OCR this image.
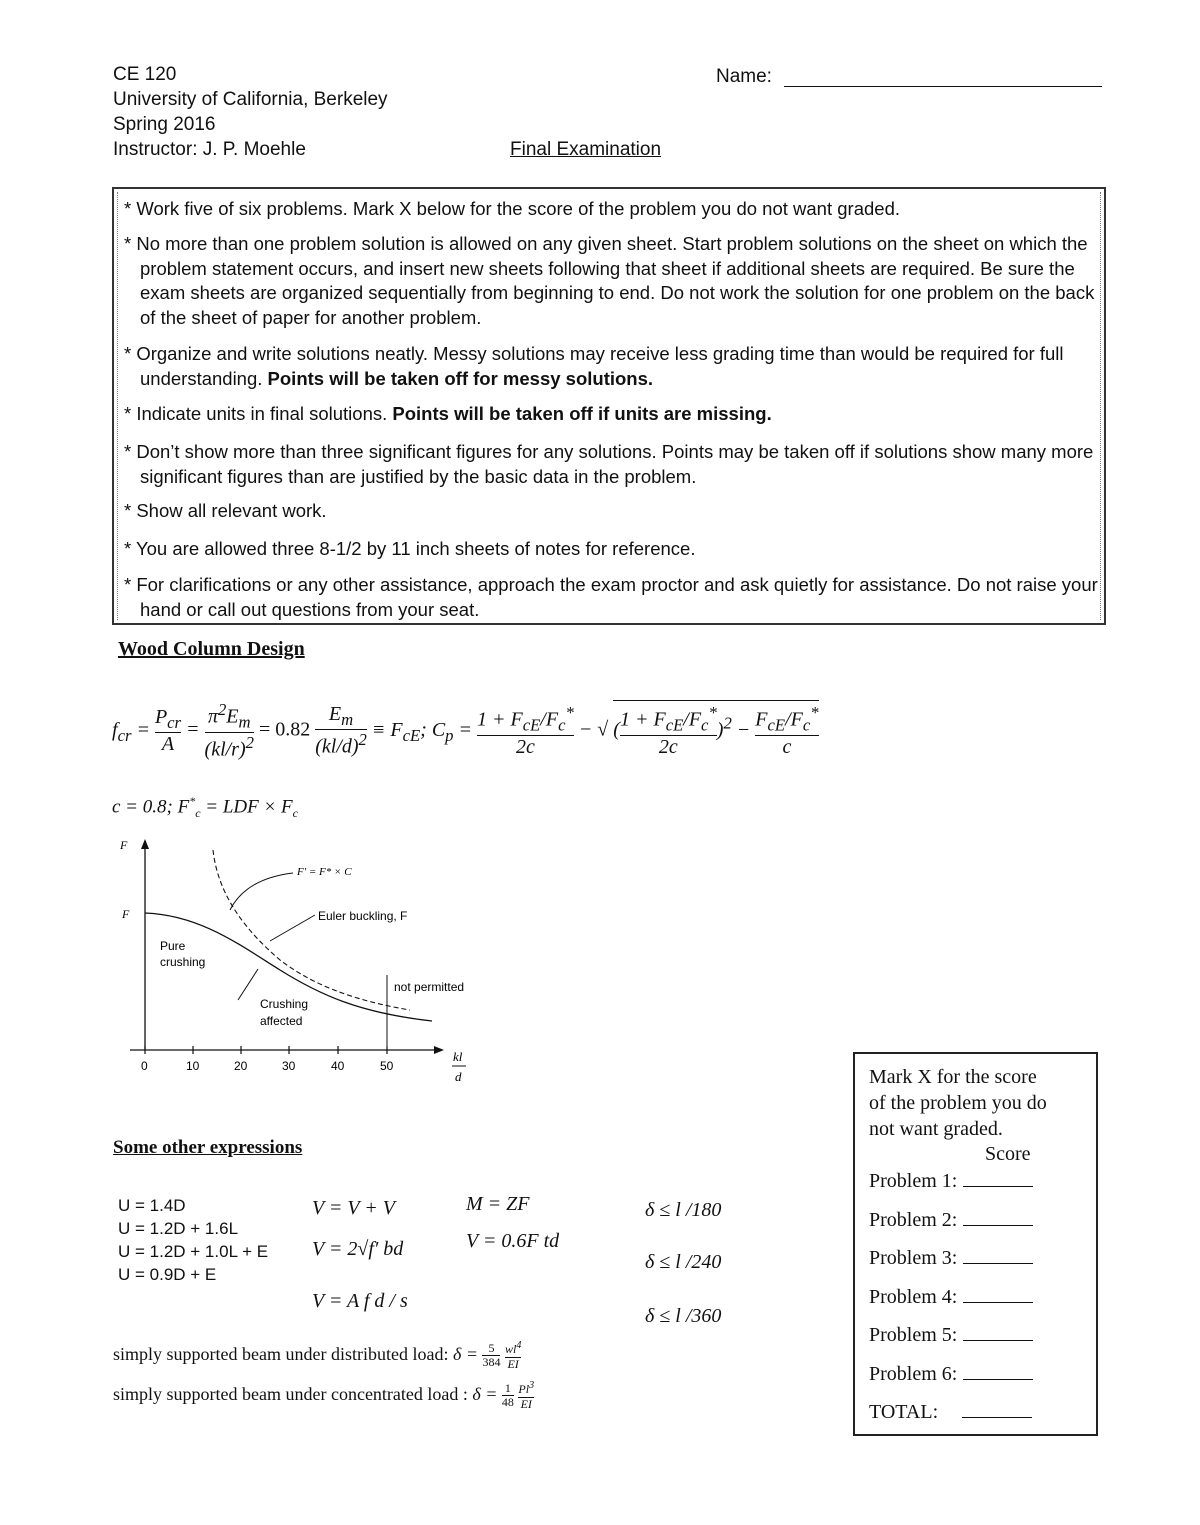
CE 120
University of California, Berkeley
Spring 2016
Instructor: J. P. Moehle	Final Examination
Name:
* Work five of six problems. Mark X below for the score of the problem you do not want graded.
* No more than one problem solution is allowed on any given sheet. Start problem solutions on the sheet on which the problem statement occurs, and insert new sheets following that sheet if additional sheets are required. Be sure the exam sheets are organized sequentially from beginning to end. Do not work the solution for one problem on the back of the sheet of paper for another problem.
* Organize and write solutions neatly. Messy solutions may receive less grading time than would be required for full understanding. Points will be taken off for messy solutions.
* Indicate units in final solutions. Points will be taken off if units are missing.
* Don’t show more than three significant figures for any solutions. Points may be taken off if solutions show many more significant figures than are justified by the basic data in the problem.
* Show all relevant work.
* You are allowed three 8-1/2 by 11 inch sheets of notes for reference.
* For clarifications or any other assistance, approach the exam proctor and ask quietly for assistance. Do not raise your hand or call out questions from your seat.
Wood Column Design
$f_{cr} = \frac{P_{cr}}{A} = \frac{\pi^2E_m}{(kl/r)^2} = 0.82 \frac{E_m}{(kl/d)^2} \equiv F_{cE}$; $C_p = \frac{1 + F_{cE}/F_c^*}{2c}$ − √ ( $\frac{1 + F_{cE}/F_c^*}{2c} )^2 - \frac{F_{cE}/F_c^*}{c}$
c = 0.8; $F^*_c$ = LDF × $F_c$
F
F
F′ = F* × C
Euler buckling, F
Pure
crushing
not permitted
Crushing
affected
0	10	20	30	40	50
kl
d
Some other expressions
U = 1.4D
U = 1.2D + 1.6L
U = 1.2D + 1.0L + E
U = 0.9D + E
V = V + V
V = 2√f′ bd
V = A f d / s
M = ZF
V = 0.6F td
δ ≤ l /180
δ ≤ l /240
δ ≤ l /360
simply supported beam under distributed load: $\delta = \frac{5}{384}$
$\frac{wl^4}{EI}$
simply supported beam under concentrated load : $\delta = \frac{1}{48}$
$\frac{Pl^3}{EI}$
Mark X for the score
of the problem you do
not want graded.
Score
Problem 1:
Problem 2:
Problem 3:
Problem 4:
Problem 5:
Problem 6:
TOTAL:
